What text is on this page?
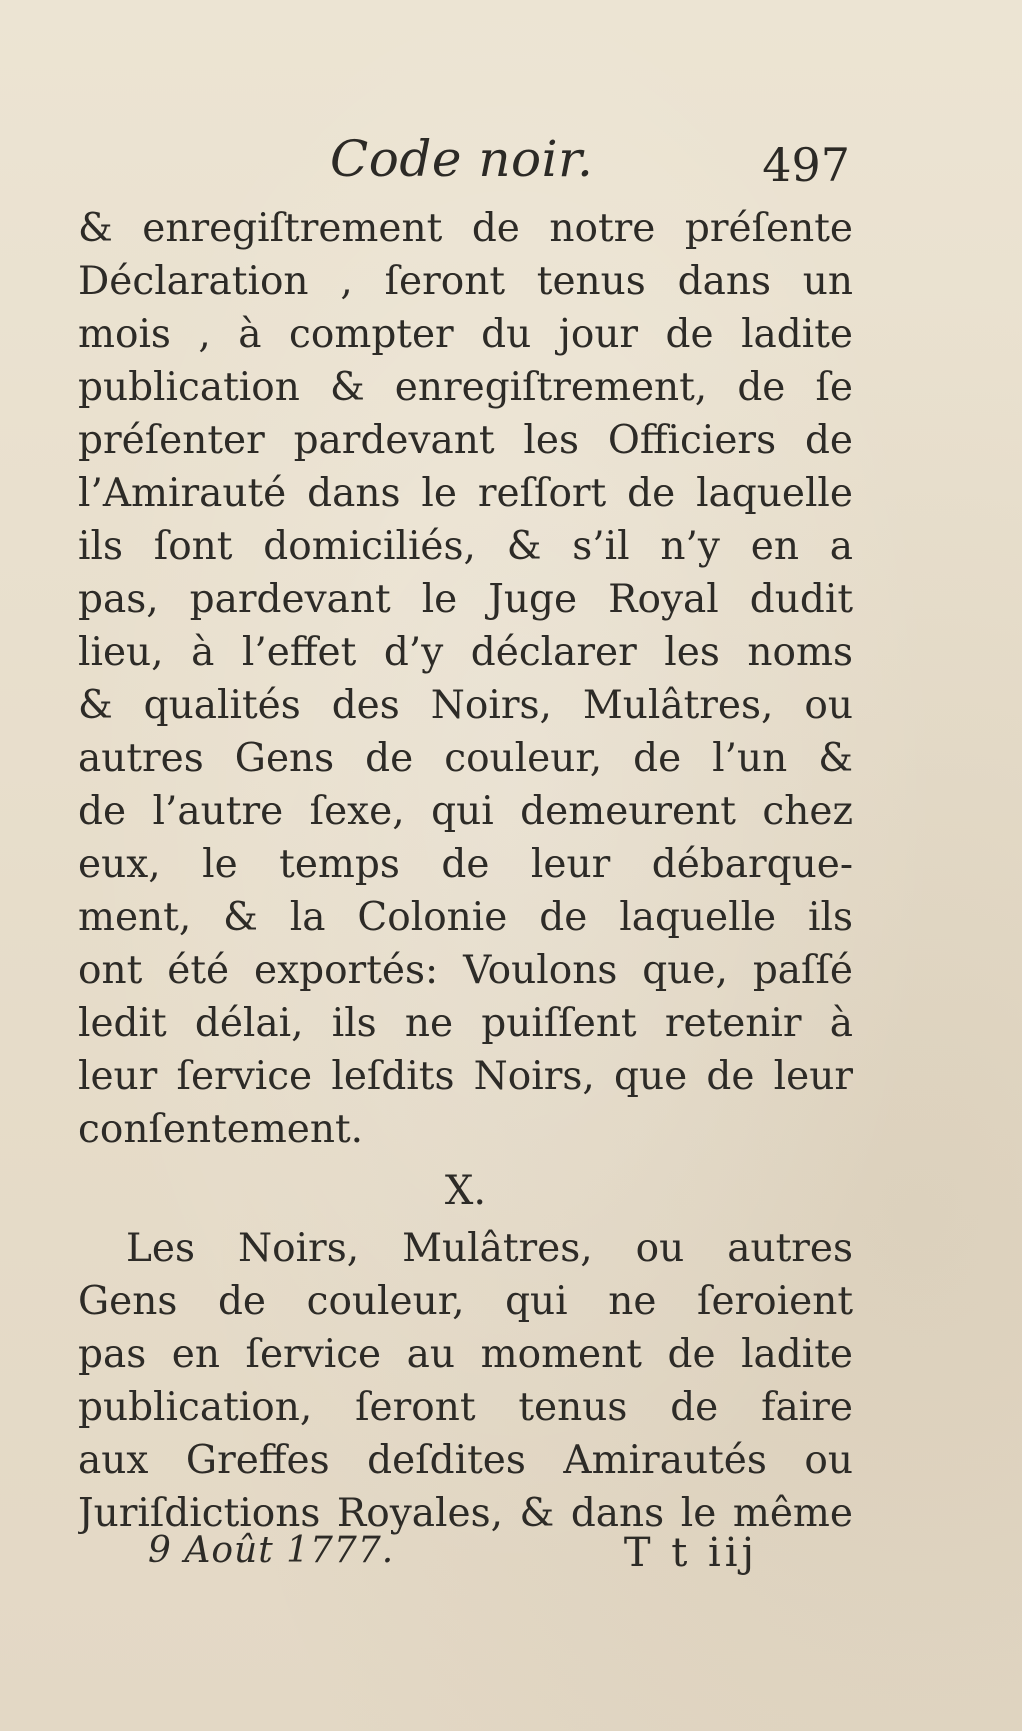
Code noir.	497
& enregiſtrement de notre préſente
Déclaration , ſeront tenus dans un
mois , à compter du jour de ladite
publication & enregiſtrement, de ſe
préſenter pardevant les Officiers de
l’Amirauté dans le reſſort de laquelle
ils ſont domiciliés, & s’il n’y en a
pas, pardevant le Juge Royal dudit
lieu, à l’effet d’y déclarer les noms
& qualités des Noirs, Mulâtres, ou
autres Gens de couleur, de l’un &
de l’autre ſexe, qui demeurent chez
eux, le temps de leur débarque-
ment, & la Colonie de laquelle ils
ont été exportés: Voulons que, paſſé
ledit délai, ils ne puiſſent retenir à
leur ſervice leſdits Noirs, que de leur
conſentement.
X.
Les Noirs, Mulâtres, ou autres
Gens de couleur, qui ne ſeroient
pas en ſervice au moment de ladite
publication, ſeront tenus de faire
aux Greffes deſdites Amirautés ou
Juriſdictions Royales, & dans le même
9 Août 1777.	T t iij
